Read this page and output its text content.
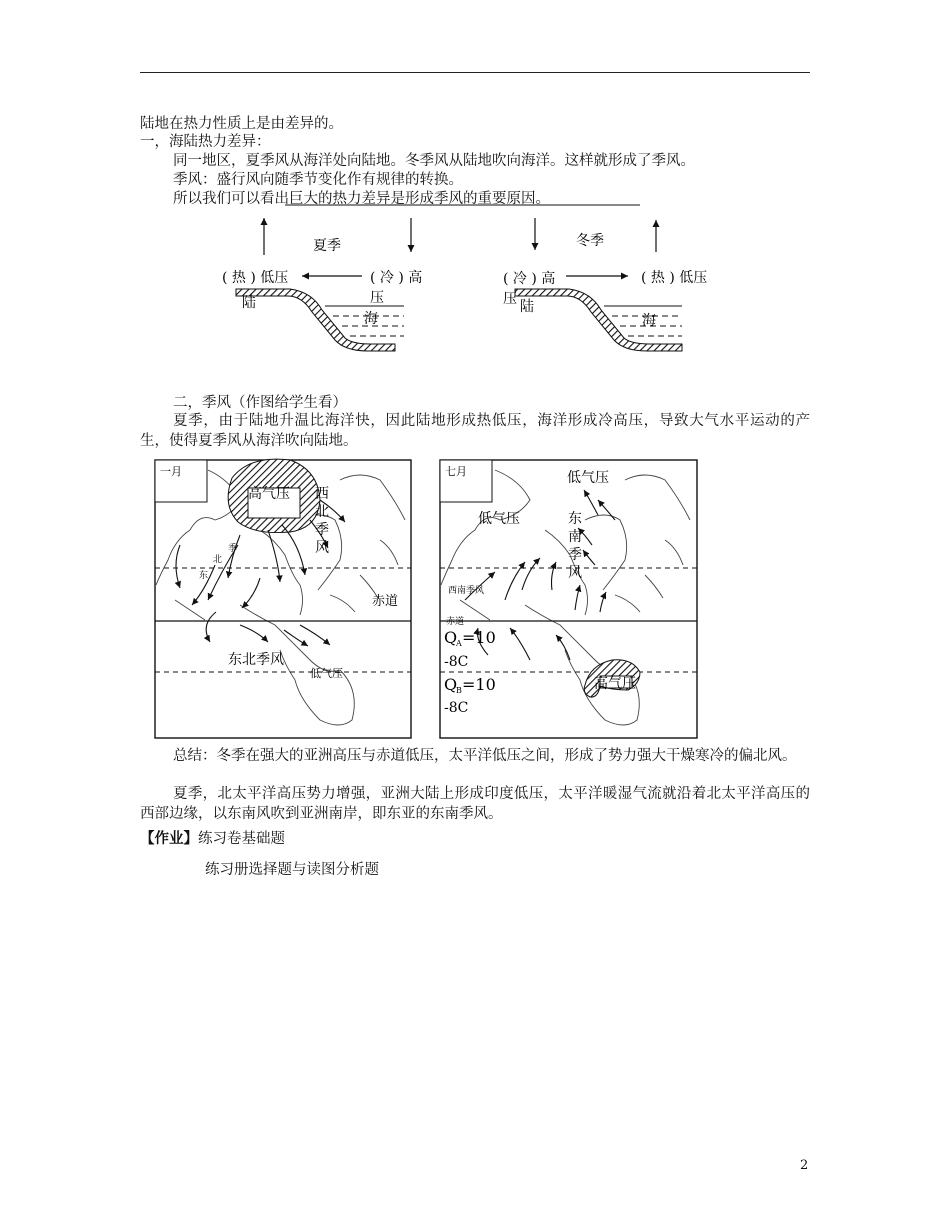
陆地在热力性质上是由差异的。
一，海陆热力差异：
同一地区，夏季风从海洋处向陆地。冬季风从陆地吹向海洋。这样就形成了季风。
季风：盛行风向随季节变化作有规律的转换。
所以我们可以看出巨大的热力差异是形成季风的重要原因。
夏季
( 热 ) 低压	( 冷 ) 高
压
陆
海
冬季
( 冷 ) 高
压
( 热 ) 低压
陆
海
一月
高气压 西
北
季
风
北
季
东
赤道
东北季风
低气压
七月	低气压
低气压	东
南
季
风
西南季风
赤道
Q
A =10
-8C
Q
B =10
-8C
高气压
二，季风（作图给学生看）
夏季，由于陆地升温比海洋快，因此陆地形成热低压，海洋形成冷高压，导致大气水平运动的产生，使得夏季风从海洋吹向陆地。
总结：冬季在强大的亚洲高压与赤道低压，太平洋低压之间，形成了势力强大干燥寒冷的偏北风。
夏季，北太平洋高压势力增强，亚洲大陆上形成印度低压，太平洋暖湿气流就沿着北太平洋高压的西部边缘，以东南风吹到亚洲南岸，即东亚的东南季风。
【作业】练习卷基础题
练习册选择题与读图分析题
2
